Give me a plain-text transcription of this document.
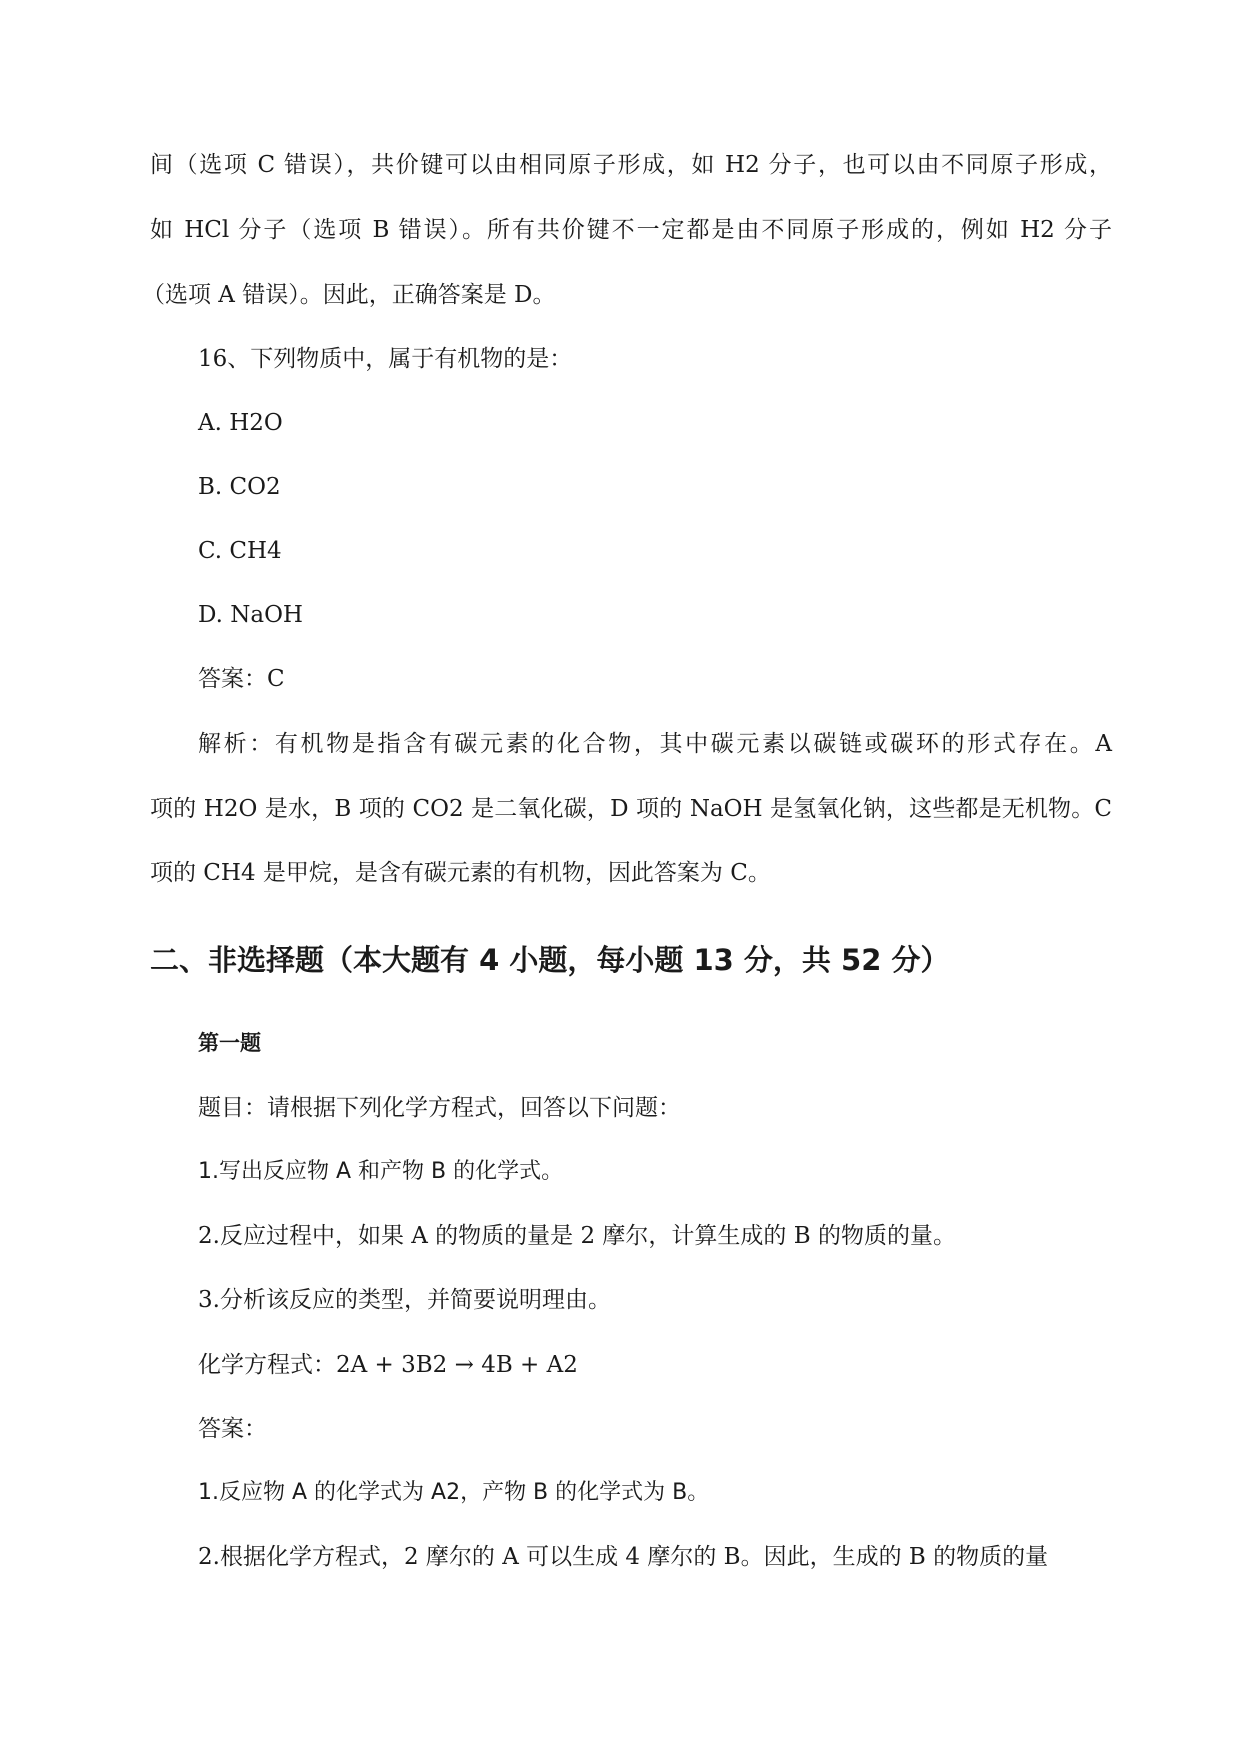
间（选项 C 错误），共价键可以由相同原子形成，如 H2 分子，也可以由不同原子形成，
如 HCl 分子（选项 B 错误）。所有共价键不一定都是由不同原子形成的，例如 H2 分子
（选项 A 错误）。因此，正确答案是 D。
16、下列物质中，属于有机物的是：
A. H2O
B. CO2
C. CH4
D. NaOH
答案：C
解析：有机物是指含有碳元素的化合物，其中碳元素以碳链或碳环的形式存在。A
项的 H2O 是水，B 项的 CO2 是二氧化碳，D 项的 NaOH 是氢氧化钠，这些都是无机物。C
项的 CH4 是甲烷，是含有碳元素的有机物，因此答案为 C。
二、非选择题（本大题有 4 小题，每小题 13 分，共 52 分）
第一题
题目：请根据下列化学方程式，回答以下问题：
1.写出反应物 A 和产物 B 的化学式。
2.反应过程中，如果 A 的物质的量是 2 摩尔，计算生成的 B 的物质的量。
3.分析该反应的类型，并简要说明理由。
化学方程式：2A + 3B2 → 4B + A2
答案：
1.反应物 A 的化学式为 A2，产物 B 的化学式为 B。
2.根据化学方程式，2 摩尔的 A 可以生成 4 摩尔的 B。因此，生成的 B 的物质的量
